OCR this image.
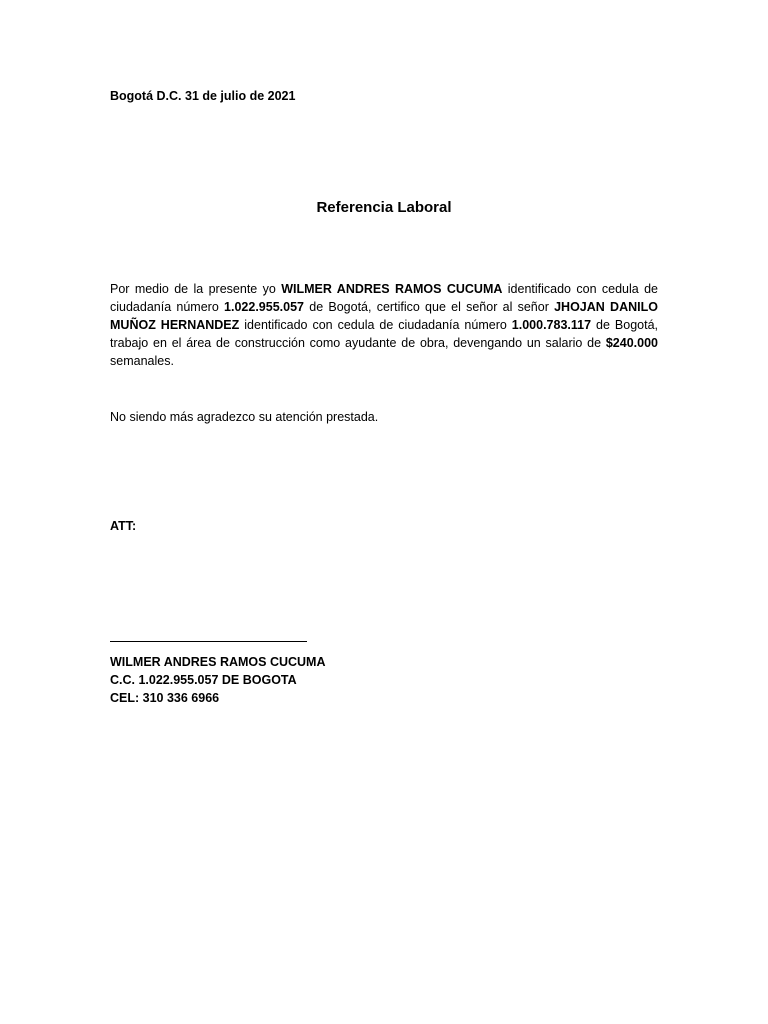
Bogotá D.C. 31 de julio de 2021
Referencia Laboral
Por medio de la presente yo WILMER ANDRES RAMOS CUCUMA identificado con cedula de ciudadanía número 1.022.955.057 de Bogotá, certifico que el señor al señor JHOJAN DANILO MUÑOZ HERNANDEZ identificado con cedula de ciudadanía número 1.000.783.117 de Bogotá, trabajo en el área de construcción como ayudante de obra, devengando un salario de $240.000 semanales.
No siendo más agradezco su atención prestada.
ATT:
WILMER ANDRES RAMOS CUCUMA
C.C. 1.022.955.057 DE BOGOTA
CEL: 310 336 6966
